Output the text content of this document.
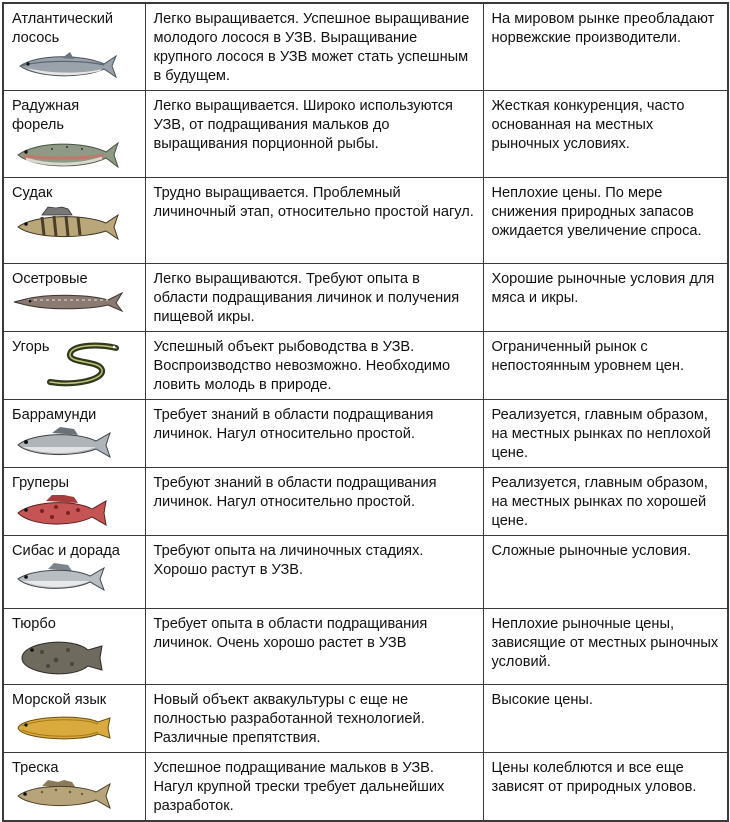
Атлантический
лосось	Легко выращивается. Успешное выращивание молодого лосося в УЗВ. Выращивание крупного лосося в УЗВ может стать успешным в будущем.	На мировом рынке преобладают норвежские производители.

Радужная
форель	Легко выращивается. Широко используются УЗВ, от подращивания мальков до выращивания порционной рыбы.	Жесткая конкуренция, часто основанная на местных рыночных условиях.

Судак	Трудно выращивается. Проблемный личиночный этап, относительно простой нагул.	Неплохие цены. По мере снижения природных запасов ожидается увеличение спроса.

Осетровые	Легко выращиваются. Требуют опыта в области подращивания личинок и получения пищевой икры.	Хорошие рыночные условия для мяса и икры.

Угорь	Успешный объект рыбоводства в УЗВ. Воспроизводство невозможно. Необходимо ловить молодь в природе.	Ограниченный рынок с непостоянным уровнем цен.

Баррамунди	Требует знаний в области подращивания личинок. Нагул относительно простой.	Реализуется, главным образом, на местных рынках по неплохой цене.

Груперы	Требуют знаний в области подращивания личинок. Нагул относительно простой.	Реализуется, главным образом, на местных рынках по хорошей цене.

Сибас и дорада	Требуют опыта на личиночных стадиях. Хорошо растут в УЗВ.	Сложные рыночные условия.

Тюрбо	Требует опыта в области подращивания личинок. Очень хорошо растет в УЗВ	Неплохие рыночные цены, зависящие от местных рыночных условий.

Морской язык	Новый объект аквакультуры с еще не полностью разработанной технологией. Различные препятствия.	Высокие цены.

Треска	Успешное подращивание мальков в УЗВ. Нагул крупной трески требует дальнейших разработок.	Цены колеблются и все еще зависят от природных уловов.
